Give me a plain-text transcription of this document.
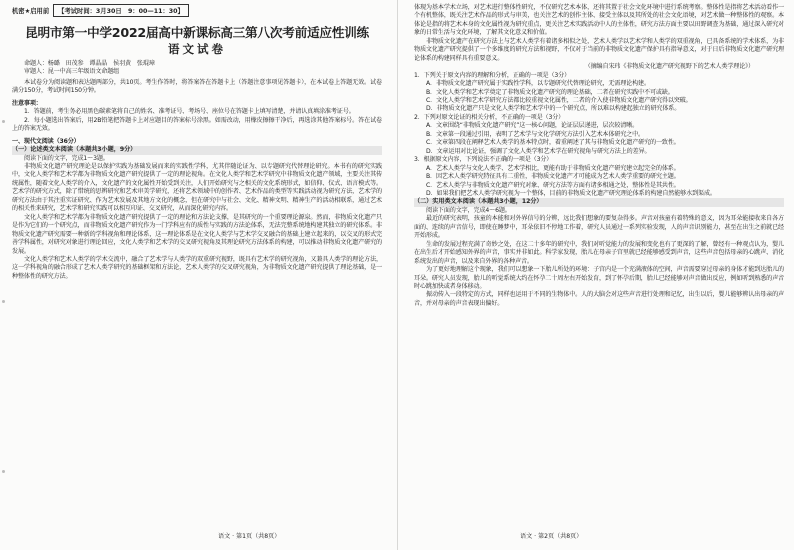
机密★启用前	【考试时间：3月30日　9：00—11：30】
昆明市第一中学2022届高中新课标高三第八次考前适应性训练
语文试卷
命题人：杨璐　田茂参　谭晶晶　侯羽黄　张琨璋
审题人：昆一中高三年级语文命题组
本试卷分为阅读题和表达题两部分，共10页。考生作答时，将答案答在答题卡上（答题注意事项见答题卡），在本试卷上答题无效。试卷满分150分，考试时间150分钟。
注意事项：
1．答题前，考生务必用黑色碳素笔将自己的姓名、准考证号、考场号、座位号在答题卡上填写清楚，并请认真填涂准考证号。
2．每小题选出答案后，用2B铅笔把答题卡上对应题目的答案标号涂黑。如需改动，用橡皮擦擦干净后，再选涂其他答案标号。答在试卷上的答案无效。
一、现代文阅读（36分）
（一）论述类文本阅读（本题共3小题，9分）
阅读下面的文字，完成1～3题。
非物质文化遗产研究理论是以保护实践为基础发展而来的实践性学科，尤其伴随论证为、以专题研究代替理论研究。本书有的研究实践中，文化人类学和艺术学都为非物质文化遗产研究提供了一定的理论视角。在文化人类学和艺术学研究中非物质文化遗产领域，主要关注其传统属性，随着文化人类学的介入，文化遗产的文化属性开始受到关注，人们开始研究与之相关的文化系统形式，如信仰、仪式、语言模式等。艺术学的研究方式，除了惜统的思辨研究和艺术审美学研究，还将艺术领域中的创作者、艺术作品的类型等实践活动视为研究方法，艺术学的研究方法由于其注重实证研究、作为艺术发展及其地方文化的概念，但在研究中与社会、文化、精神文明、精神生产的活动相联系，通过艺术的相关性来研究，艺术学和研究实践可以相互印证、交叉研究，从而深化研究内容。
文化人类学和艺术学都为非物质文化遗产研究提供了一定的理论和方法论支撑，是其研究的一个重要理论源泉。然而，非物质文化遗产只是作为它们的一个研究点，而非物质文化遗产研究作为一门学科应有的质性与实践的方法论体系，无法完整系统地构建其独立的研究体系。非物质文化遗产研究需要一种新的学科视角和理论体系，这一理论体系是在文化人类学与艺术学交叉融合的基础上建立起来的，以交叉的形式完善学科属性，对研究对象进行理论回应，文化人类学和艺术学的交叉研究视角及其理论研究方法体系的构建，可以推动非物质文化遗产研究的发展。
文化人类学和艺术人类学的学术交流中，融合了艺术学与人类学的双重研究视野，既具有艺术学的研究视角，又兼具人类学的理论方法，这一学科视角的融合形成了艺术人类学研究的基础框架和方法论，艺术人类学的交叉研究视角，为非物质文化遗产研究提供了理论基础，是一种整体性的研究方法。
体现为基本学术立场，对艺术进行整体性研究，不仅研究艺术本体，还将其置于社会文化环境中进行系统考察。整体性是指将艺术活动看作一个有机整体，既关注艺术作品的形式与审美，也关注艺术的创作主体、接受主体以及其所处的社会文化语境，对艺术做一种整体性的观察。本体论是指的将艺术本身的文化属性视为研究重点，更关注艺术实践活动中人的主体性，研究方法方面主要以田野调查为基础，通过深入研究对象的日常生活与文化环境，了解其文化意义和价值。
非物质文化遗产在研究方法上与艺术人类学有着诸多相似之处，艺术人类学以艺术学和人类学的双重视角，已具备系统的学术体系，为非物质文化遗产研究提供了一个多维度的研究方法和视野，不仅对于当前的非物质文化遗产保护具有指导意义，对于日后非物质文化遗产研究理论体系的构建同样具有重要意义。
（摘编自宋玮《非物质文化遗产研究视野下的艺术人类学理论》）
1．下列关于原文内容的理解和分析，正确的一项是（3分）
A．非物质文化遗产研究属于实践性学科，以专题研究代替理论研究，无需理论构建。
B．文化人类学和艺术学奠定了非物质文化遗产研究的理论基础，二者在研究实践中不可或缺。
C．文化人类学和艺术学研究方法都比较重视文化属性，二者的介入使非物质文化遗产研究得以突破。
D．非物质文化遗产只是文化人类学和艺术学中的一个研究点，所以难以构建起独立的研究体系。
2．下列对原文论证的相关分析，不正确的一项是（3分）
A．文章围绕“非物质文化遗产研究”这一核心问题，论证层层递进，层次较清晰。
B．文章第一段通过引用，表明了艺术学与文化学研究方法引入艺术本体研究之中。
C．文章第四段在阐释艺术人类学的基本特点时，着重阐述了其与非物质文化遗产研究的一致性。
D．文章运用对比论证，强调了文化人类学和艺术学在研究视角与研究方法上的差异。
3．根据原文内容，下列说法不正确的一项是（3分）
A．艺术人类学与文化人类学、艺术学相比，更能有助于非物质文化遗产研究建立起完全的体系。
B．因艺术人类学研究特征具有二重性，非物质文化遗产才可能成为艺术人类学重要的研究主题。
C．艺术人类学与非物质文化遗产研究对象、研究方法等方面有诸多相通之处，整体性是其共性。
D．如果我们把艺术人类学研究视为一个整体，目前的非物质文化遗产研究理论体系的构建自然能够水到渠成。
（二）实用类文本阅读（本题共3小题，12分）
阅读下面的文字，完成4～6题。
最近的研究表明，孩童的本能和对外界信号的分辨，远比我们想象的要复杂得多。声音对孩童有着特殊的意义，因为耳朵能接收来自各方面的、连续的声音信号，即使在睡梦中，耳朵依旧不停地工作着，研究人员通过一系列实验发现，人的声音识别能力，甚至在出生之前就已经开始形成。
生命的发展过程充满了奇妙之处，在这二十多年的研究中，我们对听觉能力的发展和变化也有了更深的了解，曾经有一种观点认为，婴儿在出生后才开始感知外界的声音，事实并非如此。科学家发现，胎儿在母亲子宫里就已经能够感受到声音，这些声音包括母亲的心跳声、消化系统发出的声音，以及来自外界的各种声音。
为了更好地理解这个现象，我们可以想象一下胎儿所处的环境：子宫内是一个充满液体的空间，声音需要穿过母亲的身体才能到达胎儿的耳朵。研究人员发现，胎儿的听觉系统大约在怀孕二十周左右开始发育，到了怀孕后期，胎儿已经能够对声音做出反应，例如听到熟悉的声音时心跳加快或者身体移动。
振动传入一段特定的方式，同样也运用于不同的生物体中。人的大脑会对这些声音进行处理和记忆，出生以后，婴儿能够辨认出母亲的声音，并对母亲的声音表现出偏好。
语文 · 第1页（共8页）	语文 · 第2页（共8页）
